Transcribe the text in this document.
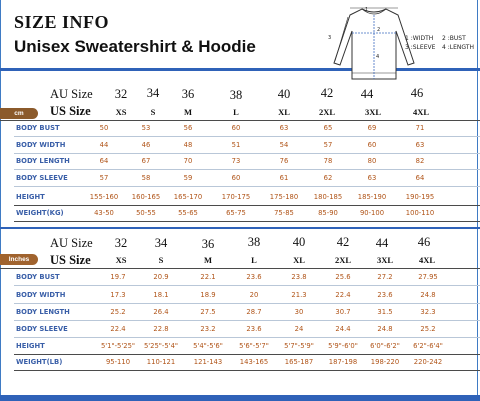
SIZE INFO
Unisex Sweatershirt & Hoodie
1
2
3
4
1 :WIDTH 2 :BUST
3 :SLEEVE 4 :LENGTH
AU Size	32	34	36	38	40	42	44	46
cm	US Size	XS	S	M	L	XL	2XL	3XL	4XL
BODY BUST	50	53	56	60	63	65	69	71
BODY WIDTH	44	46	48	51	54	57	60	63
BODY LENGTH	64	67	70	73	76	78	80	82
BODY SLEEVE	57	58	59	60	61	62	63	64
HEIGHT	155-160	160-165	165-170	170-175	175-180	180-185	185-190	190-195
WEIGHT(KG)	43-50	50-55	55-65	65-75	75-85	85-90	90-100	100-110
AU Size	32	34	36	38	40	42	44	46
Inches	US Size	XS	S	M	L	XL	2XL	3XL	4XL
BODY BUST	19.7	20.9	22.1	23.6	23.8	25.6	27.2	27.95
BODY WIDTH	17.3	18.1	18.9	20	21.3	22.4	23.6	24.8
BODY LENGTH	25.2	26.4	27.5	28.7	30	30.7	31.5	32.3
BODY SLEEVE	22.4	22.8	23.2	23.6	24	24.4	24.8	25.2
HEIGHT	5'1"-5'25"	5'25"-5'4"	5'4"-5'6"	5'6"-5'7"	5'7"-5'9"	5'9"-6'0"	6'0"-6'2"	6'2"-6'4"
WEIGHT(LB)	95-110	110-121	121-143	143-165	165-187	187-198	198-220	220-242
